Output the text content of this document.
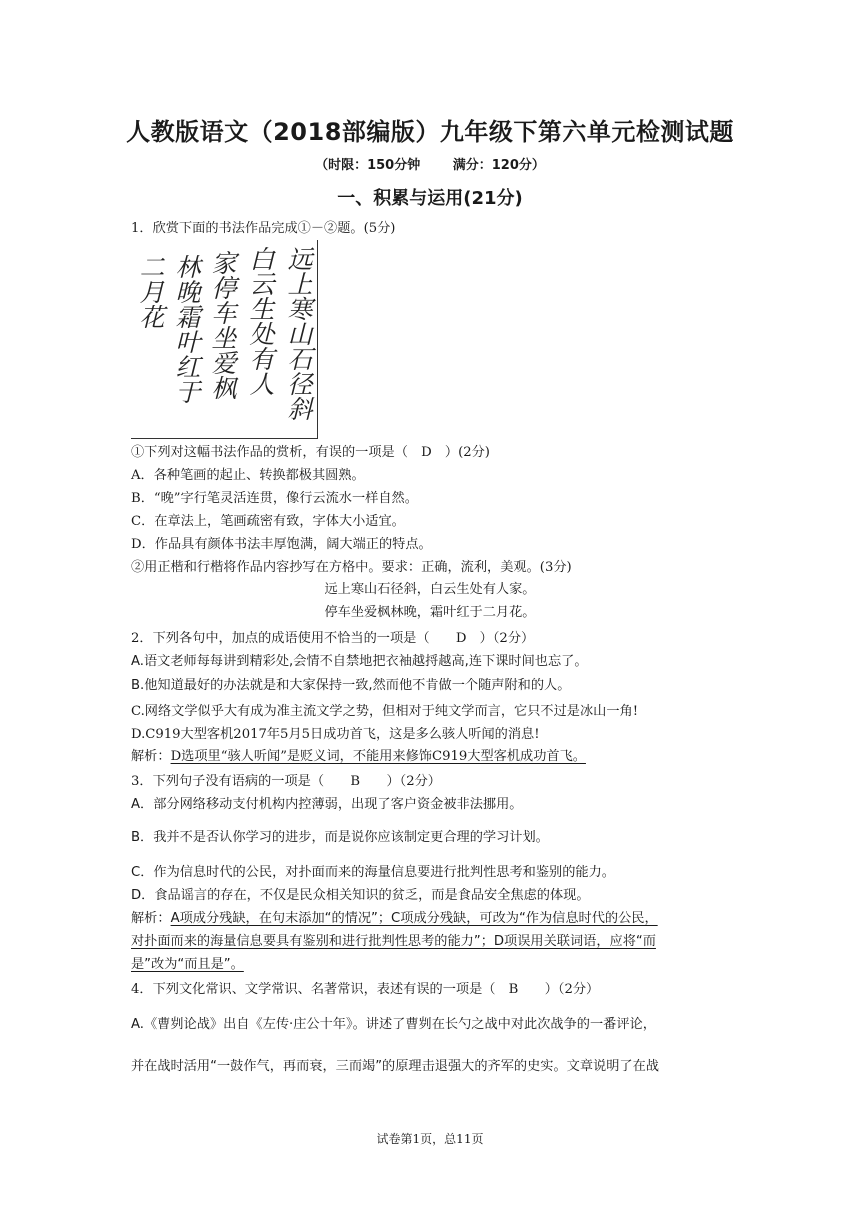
人教版语文（2018部编版）九年级下第六单元检测试题
（时限：150分钟	满分：120分）
一、积累与运用(21分)
1．欣赏下面的书法作品完成①－②题。(5分)
远上寒山石径斜
白云生处有人
家停车坐爱枫
林晚霜叶红于
二月花
①下列对这幅书法作品的赏析，有误的一项是（　D　）(2分)
A．各种笔画的起止、转换都极其圆熟。
B．“晚”字行笔灵活连贯，像行云流水一样自然。
C．在章法上，笔画疏密有致，字体大小适宜。
D．作品具有颜体书法丰厚饱满，阔大端正的特点。
②用正楷和行楷将作品内容抄写在方格中。要求：正确，流利，美观。(3分)
远上寒山石径斜，白云生处有人家。
停车坐爱枫林晚，霜叶红于二月花。
2．下列各句中，加点的成语使用不恰当的一项是（　　D　）（2分）
A.语文老师每每讲到精彩处,会情不自禁地把衣袖越捋越高,连下课时间也忘了。
B.他知道最好的办法就是和大家保持一致,然而他不肯做一个随声附和的人。
C.网络文学似乎大有成为准主流文学之势，但相对于纯文学而言，它只不过是冰山一角!
D.C919大型客机2017年5月5日成功首飞，这是多么骇人听闻的消息!
解析：D选项里“骇人听闻”是贬义词，不能用来修饰C919大型客机成功首飞。
3．下列句子没有语病的一项是（　　B　　）（2分）
A．部分网络移动支付机构内控薄弱，出现了客户资金被非法挪用。
B．我并不是否认你学习的进步，而是说你应该制定更合理的学习计划。
C．作为信息时代的公民，对扑面而来的海量信息要进行批判性思考和鉴别的能力。
D．食品谣言的存在，不仅是民众相关知识的贫乏，而是食品安全焦虑的体现。
解析：A项成分残缺，在句末添加“的情况”；C项成分残缺，可改为“作为信息时代的公民，
对扑面而来的海量信息要具有鉴别和进行批判性思考的能力”；D项误用关联词语，应将“而
是”改为“而且是”。
4．下列文化常识、文学常识、名著常识，表述有误的一项是（　B　　）（2分）
A.《曹刿论战》出自《左传·庄公十年》。讲述了曹刿在长勺之战中对此次战争的一番评论，
并在战时活用“一鼓作气，再而衰，三而竭”的原理击退强大的齐军的史实。文章说明了在战
试卷第1页，总11页
